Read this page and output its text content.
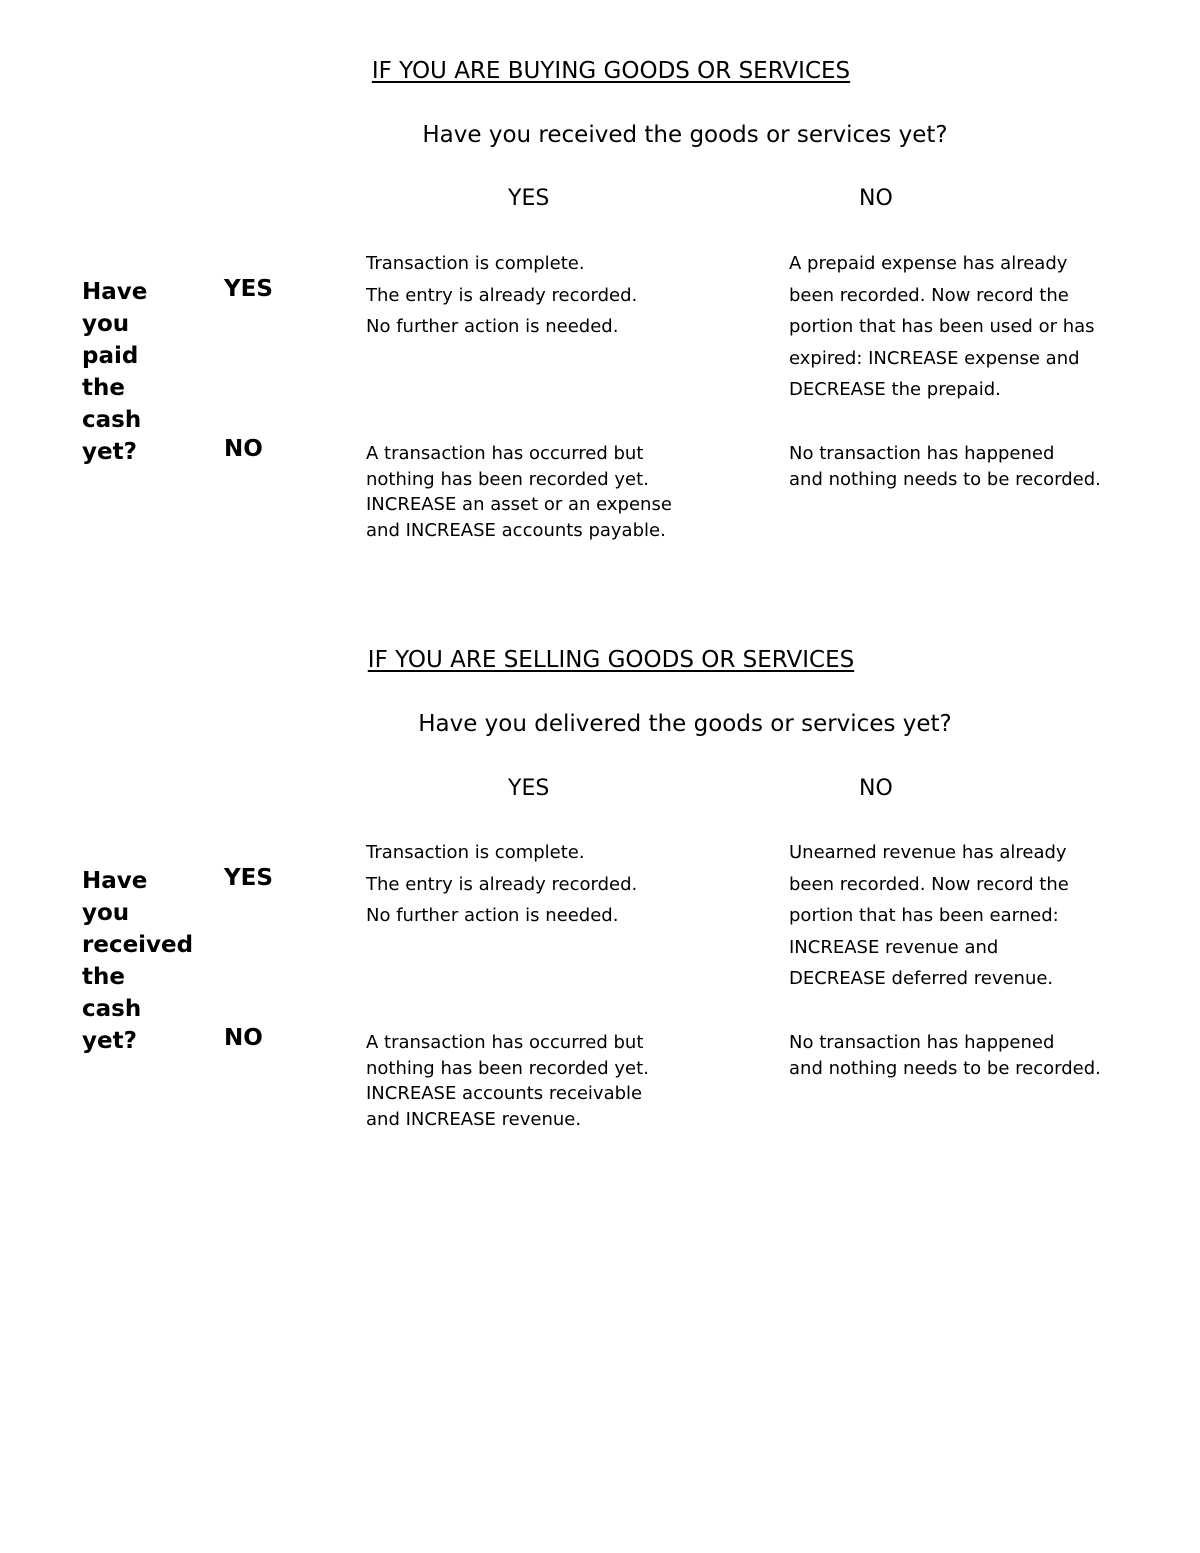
IF YOU ARE BUYING GOODS OR SERVICES
Have you received the goods or services yet?
YES	NO
Have
you
paid
the
cash
yet?
YES
NO
Transaction is complete.
The entry is already recorded.
No further action is needed.
A prepaid expense has already
been recorded. Now record the
portion that has been used or has
expired: INCREASE expense and
DECREASE the prepaid.
A transaction has occurred but
nothing has been recorded yet.
INCREASE an asset or an expense
and INCREASE accounts payable.
No transaction has happened
and nothing needs to be recorded.
IF YOU ARE SELLING GOODS OR SERVICES
Have you delivered the goods or services yet?
YES	NO
Have
you
received
the
cash
yet?
YES
NO
Transaction is complete.
The entry is already recorded.
No further action is needed.
Unearned revenue has already
been recorded. Now record the
portion that has been earned:
INCREASE revenue and
DECREASE deferred revenue.
A transaction has occurred but
nothing has been recorded yet.
INCREASE accounts receivable
and INCREASE revenue.
No transaction has happened
and nothing needs to be recorded.
